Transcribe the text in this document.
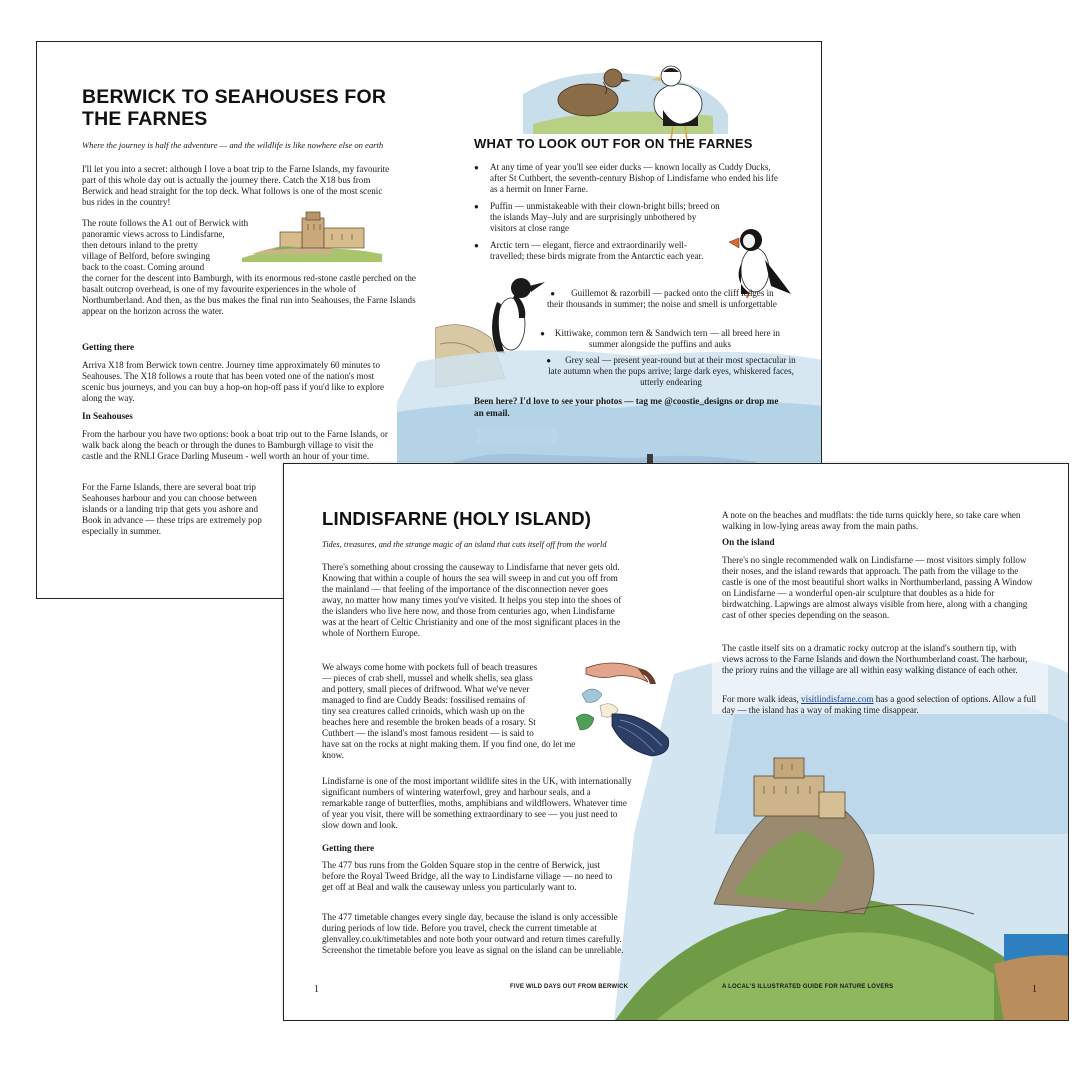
BERWICK TO SEAHOUSES FOR
THE FARNES
Where the journey is half the adventure — and the wildlife is like nowhere else on earth
I'll let you into a secret: although I love a boat trip to the Farne Islands, my favourite part of this whole day out is actually the journey there. Catch the X18 bus from Berwick and head straight for the top deck. What follows is one of the most scenic bus rides in the country!
The route follows the A1 out of Berwick with
panoramic views across to Lindisfarne,
then detours inland to the pretty
village of Belford, before swinging
back to the coast. Coming around
the corner for the descent into Bamburgh, with its enormous red-stone castle perched on the basalt outcrop overhead, is one of my favourite experiences in the whole of Northumberland. And then, as the bus makes the final run into Seahouses, the Farne Islands appear on the horizon across the water.
Getting there
Arriva X18 from Berwick town centre. Journey time approximately 60 minutes to Seahouses. The X18 follows a route that has been voted one of the nation's most scenic bus journeys, and you can buy a hop-on hop-off pass if you'd like to explore along the way.
In Seahouses
From the harbour you have two options: book a boat trip out to the Farne Islands, or walk back along the beach or through the dunes to Bamburgh village to visit the castle and the RNLI Grace Darling Museum - well worth an hour of your time.
For the Farne Islands, there are several boat trip
Seahouses harbour and you can choose between
islands or a landing trip that gets you ashore and
Book in advance — these trips are extremely pop
especially in summer.
WHAT TO LOOK OUT FOR ON THE FARNES
● At any time of year you'll see eider ducks — known locally as Cuddy Ducks, after St Cuthbert, the seventh-century Bishop of Lindisfarne who ended his life as a hermit on Inner Farne.
● Puffin — unmistakeable with their clown-bright bills; breed on the islands May–July and are surprisingly unbothered by visitors at close range
● Arctic tern — elegant, fierce and extraordinarily well-travelled; these birds migrate from the Antarctic each year.
●        Guillemot & razorbill — packed onto the cliff ledges in their thousands in summer; the noise and smell is unforgettable
●     Kittiwake, common tern & Sandwich tern — all breed here in summer alongside the puffins and auks
●       Grey seal — present year-round but at their most spectacular in late autumn when the pups arrive; large dark eyes, whiskered faces, utterly endearing
Been here? I'd love to see your photos — tag me @coostie_designs or drop me an email.
LINDISFARNE (HOLY ISLAND)
Tides, treasures, and the strange magic of an island that cuts itself off from the world
There's something about crossing the causeway to Lindisfarne that never gets old. Knowing that within a couple of hours the sea will sweep in and cut you off from the mainland — that feeling of the importance of the disconnection never goes away, no matter how many times you've visited. It helps you step into the shoes of the islanders who live here now, and those from centuries ago, when Lindisfarne was at the heart of Celtic Christianity and one of the most significant places in the whole of Northern Europe.
We always come home with pockets full of beach treasures
— pieces of crab shell, mussel and whelk shells, sea glass
and pottery, small pieces of driftwood. What we've never
managed to find are Cuddy Beads: fossilised remains of
tiny sea creatures called crinoids, which wash up on the
beaches here and resemble the broken beads of a rosary. St
Cuthbert — the island's most famous resident — is said to
have sat on the rocks at night making them. If you find one, do let me
know.
Lindisfarne is one of the most important wildlife sites in the UK, with internationally significant numbers of wintering waterfowl, grey and harbour seals, and a remarkable range of butterflies, moths, amphibians and wildflowers. Whatever time of year you visit, there will be something extraordinary to see — you just need to slow down and look.
Getting there
The 477 bus runs from the Golden Square stop in the centre of Berwick, just before the Royal Tweed Bridge, all the way to Lindisfarne village — no need to get off at Beal and walk the causeway unless you particularly want to.
The 477 timetable changes every single day, because the island is only accessible during periods of low tide. Before you travel, check the current timetable at glenvalley.co.uk/timetables and note both your outward and return times carefully. Screenshot the timetable before you leave as signal on the island can be unreliable.
A note on the beaches and mudflats: the tide turns quickly here, so take care when walking in low-lying areas away from the main paths.
On the island
There's no single recommended walk on Lindisfarne — most visitors simply follow their noses, and the island rewards that approach. The path from the village to the castle is one of the most beautiful short walks in Northumberland, passing A Window on Lindisfarne — a wonderful open-air sculpture that doubles as a hide for birdwatching. Lapwings are almost always visible from here, along with a changing cast of other species depending on the season.
The castle itself sits on a dramatic rocky outcrop at the island's southern tip, with views across to the Farne Islands and down the Northumberland coast. The harbour, the priory ruins and the village are all within easy walking distance of each other.
For more walk ideas, visitlindisfarne.com has a good selection of options. Allow a full day — the island has a way of making time disappear.
1	FIVE WILD DAYS OUT FROM BERWICK	A LOCAL'S ILLUSTRATED GUIDE FOR NATURE LOVERS	1
